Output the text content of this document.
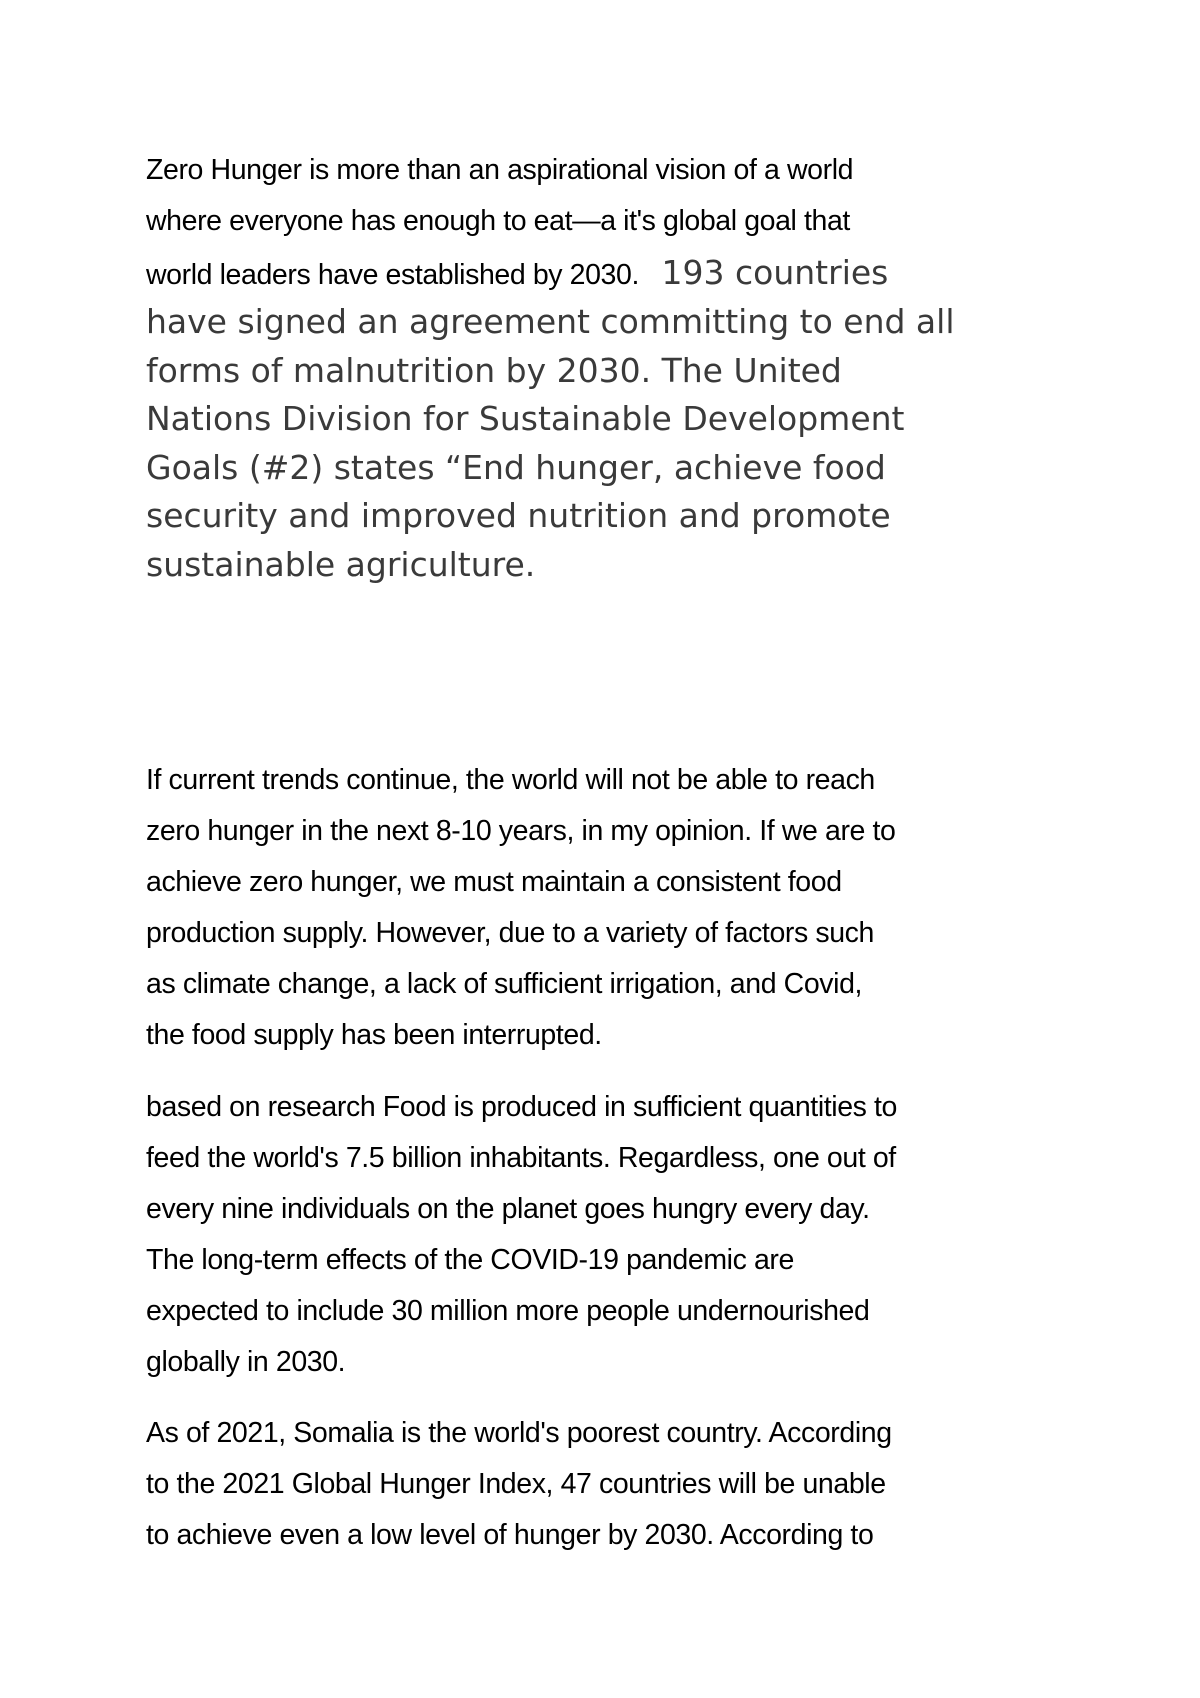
Zero Hunger is more than an aspirational vision of a world
where everyone has enough to eat—a it's global goal that
world leaders have established by 2030. 193 countries
have signed an agreement committing to end all
forms of malnutrition by 2030. The United
Nations Division for Sustainable Development
Goals (#2) states “End hunger, achieve food
security and improved nutrition and promote
sustainable agriculture.

If current trends continue, the world will not be able to reach
zero hunger in the next 8-10 years, in my opinion. If we are to
achieve zero hunger, we must maintain a consistent food
production supply. However, due to a variety of factors such
as climate change, a lack of sufficient irrigation, and Covid,
the food supply has been interrupted.

based on research Food is produced in sufficient quantities to
feed the world's 7.5 billion inhabitants. Regardless, one out of
every nine individuals on the planet goes hungry every day.
The long-term effects of the COVID-19 pandemic are
expected to include 30 million more people undernourished
globally in 2030.

As of 2021, Somalia is the world's poorest country. According
to the 2021 Global Hunger Index, 47 countries will be unable
to achieve even a low level of hunger by 2030. According to
